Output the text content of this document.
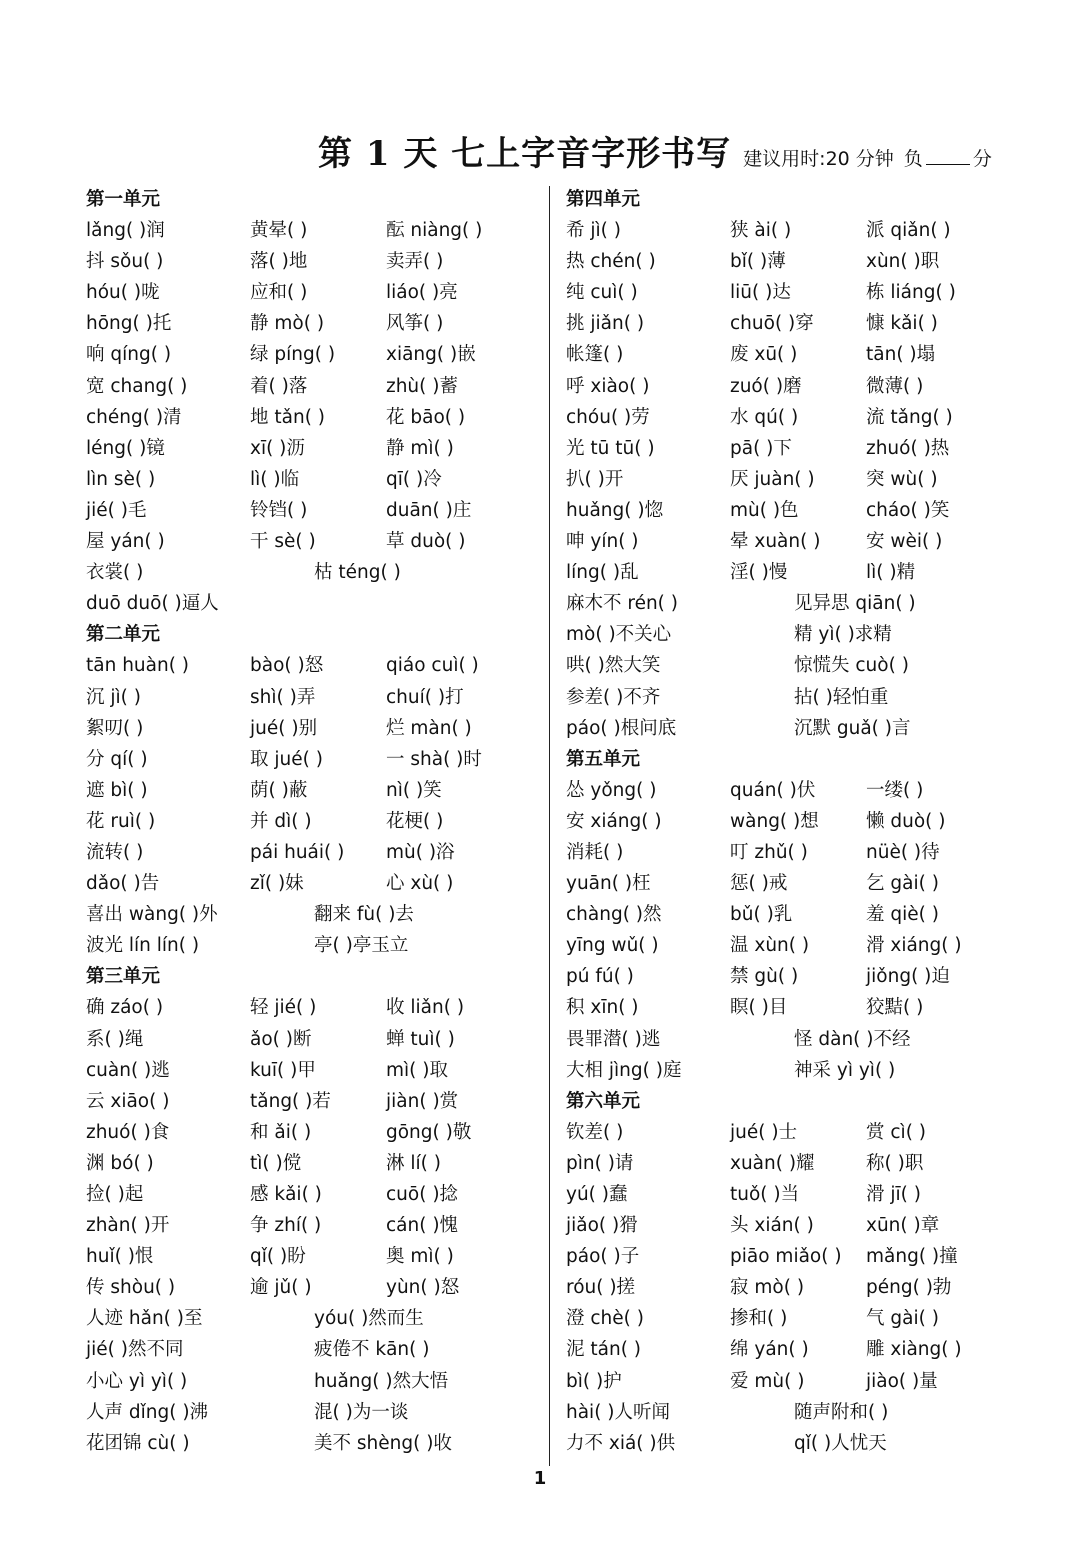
第 1 天 七上字音字形书写 建议用时:20 分钟 负	分
第一单元
lǎng( )润	黄晕( )	酝 niàng( )
抖 sǒu( )	落( )地	卖弄( )
hóu( )咙	应和( )	liáo( )亮
hōng( )托	静 mò( )	风筝( )
响 qíng( )	绿 píng( )	xiāng( )嵌
宽 chang( )	着( )落	zhù( )蓄
chéng( )清	地 tǎn( )	花 bāo( )
léng( )镜	xī( )沥	静 mì( )
lìn sè( )	lì( )临	qī( )冷
jié( )毛	铃铛( )	duān( )庄
屋 yán( )	干 sè( )	草 duò( )
衣裳( )	枯 téng( )
duō duō( )逼人
第二单元
tān huàn( )	bào( )怒	qiáo cuì( )
沉 jì( )	shì( )弄	chuí( )打
絮叨( )	jué( )别	烂 màn( )
分 qí( )	取 jué( )	一 shà( )时
遮 bì( )	荫( )蔽	nì( )笑
花 ruì( )	并 dì( )	花梗( )
流转( )	pái huái( ) mù( )浴
dǎo( )告	zǐ( )妹	心 xù( )
喜出 wàng( )外	翻来 fù( )去
波光 lín lín( )	亭( )亭玉立
第三单元
确 záo( )	轻 jié( )	收 liǎn( )
系( )绳	ǎo( )断	蝉 tuì( )
cuàn( )逃	kuī( )甲	mì( )取
云 xiāo( )	tǎng( )若	jiàn( )赏
zhuó( )食	和 ǎi( )	gōng( )敬
渊 bó( )	tì( )傥	淋 lí( )
捡( )起	感 kǎi( )	cuō( )捻
zhàn( )开	争 zhí( )	cán( )愧
huǐ( )恨	qǐ( )盼	奥 mì( )
传 shòu( )	逾 jǔ( )	yùn( )怒
人迹 hǎn( )至	yóu( )然而生
jié( )然不同	疲倦不 kān( )
小心 yì yì( )	huǎng( )然大悟
人声 dǐng( )沸	混( )为一谈
花团锦 cù( )	美不 shèng( )收
第四单元
希 jì( )	狭 ài( )	派 qiǎn( )
热 chén( )	bǐ( )薄	xùn( )职
纯 cuì( )	liū( )达	栋 liáng( )
挑 jiǎn( )	chuō( )穿	慷 kǎi( )
帐篷( )	废 xū( )	tān( )塌
呼 xiào( )	zuó( )磨	微薄( )
chóu( )劳	水 qú( )	流 tǎng( )
光 tū tū( )	pā( )下	zhuó( )热
扒( )开	厌 juàn( )	突 wù( )
huǎng( )惚	mù( )色	cháo( )笑
呻 yín( )	晕 xuàn( ) 安 wèi( )
líng( )乱	淫( )慢	lì( )精
麻木不 rén( )	见异思 qiān( )
mò( )不关心	精 yì( )求精
哄( )然大笑	惊慌失 cuò( )
参差( )不齐	拈( )轻怕重
páo( )根问底	沉默 guǎ( )言
第五单元
怂 yǒng( )	quán( )伏	一缕( )
安 xiáng( )	wàng( )想	懒 duò( )
消耗( )	叮 zhǔ( )	nüè( )待
yuān( )枉	惩( )戒	乞 gài( )
chàng( )然	bǔ( )乳	羞 qiè( )
yīng wǔ( )	温 xùn( )	滑 xiáng( )
pú fú( )	禁 gù( )	jiǒng( )迫
积 xīn( )	瞑( )目	狡黠( )
畏罪潜( )逃	怪 dàn( )不经
大相 jìng( )庭	神采 yì yì( )
第六单元
钦差( )	jué( )士	赏 cì( )
pìn( )请	xuàn( )耀	称( )职
yú( )蠢	tuǒ( )当	滑 jī( )
jiǎo( )猾	头 xián( )	xūn( )章
páo( )子	piāo miǎo( ) mǎng( )撞
róu( )搓	寂 mò( )	péng( )勃
澄 chè( )	掺和( )	气 gài( )
泥 tán( )	绵 yán( )	雕 xiàng( )
bì( )护	爱 mù( )	jiào( )量
hài( )人听闻	随声附和( )
力不 xiá( )供	qǐ( )人忧天
1
